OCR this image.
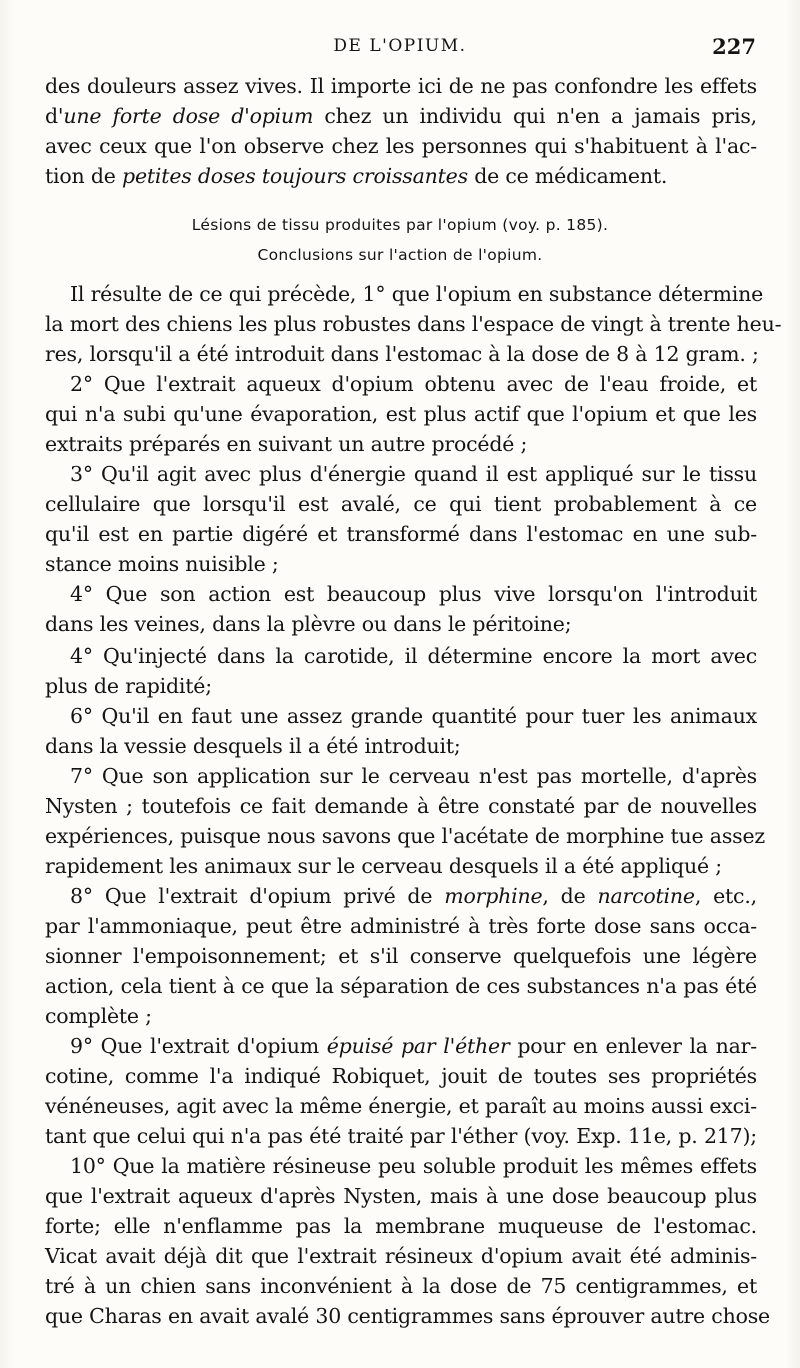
DE L'OPIUM.	227
des douleurs assez vives. Il importe ici de ne pas confondre les effets
d'une forte dose d'opium chez un individu qui n'en a jamais pris,
avec ceux que l'on observe chez les personnes qui s'habituent à l'ac-
tion de petites doses toujours croissantes de ce médicament.
Lésions de tissu produites par l'opium (voy. p. 185).
Conclusions sur l'action de l'opium.
Il résulte de ce qui précède, 1° que l'opium en substance détermine
la mort des chiens les plus robustes dans l'espace de vingt à trente heu-
res, lorsqu'il a été introduit dans l'estomac à la dose de 8 à 12 gram. ;
2° Que l'extrait aqueux d'opium obtenu avec de l'eau froide, et
qui n'a subi qu'une évaporation, est plus actif que l'opium et que les
extraits préparés en suivant un autre procédé ;
3° Qu'il agit avec plus d'énergie quand il est appliqué sur le tissu
cellulaire que lorsqu'il est avalé, ce qui tient probablement à ce
qu'il est en partie digéré et transformé dans l'estomac en une sub-
stance moins nuisible ;
4° Que son action est beaucoup plus vive lorsqu'on l'introduit
dans les veines, dans la plèvre ou dans le péritoine;
4° Qu'injecté dans la carotide, il détermine encore la mort avec
plus de rapidité;
6° Qu'il en faut une assez grande quantité pour tuer les animaux
dans la vessie desquels il a été introduit;
7° Que son application sur le cerveau n'est pas mortelle, d'après
Nysten ; toutefois ce fait demande à être constaté par de nouvelles
expériences, puisque nous savons que l'acétate de morphine tue assez
rapidement les animaux sur le cerveau desquels il a été appliqué ;
8° Que l'extrait d'opium privé de morphine, de narcotine, etc.,
par l'ammoniaque, peut être administré à très forte dose sans occa-
sionner l'empoisonnement; et s'il conserve quelquefois une légère
action, cela tient à ce que la séparation de ces substances n'a pas été
complète ;
9° Que l'extrait d'opium épuisé par l'éther pour en enlever la nar-
cotine, comme l'a indiqué Robiquet, jouit de toutes ses propriétés
vénéneuses, agit avec la même énergie, et paraît au moins aussi exci-
tant que celui qui n'a pas été traité par l'éther (voy. Exp. 11e, p. 217);
10° Que la matière résineuse peu soluble produit les mêmes effets
que l'extrait aqueux d'après Nysten, mais à une dose beaucoup plus
forte; elle n'enflamme pas la membrane muqueuse de l'estomac.
Vicat avait déjà dit que l'extrait résineux d'opium avait été adminis-
tré à un chien sans inconvénient à la dose de 75 centigrammes, et
que Charas en avait avalé 30 centigrammes sans éprouver autre chose
